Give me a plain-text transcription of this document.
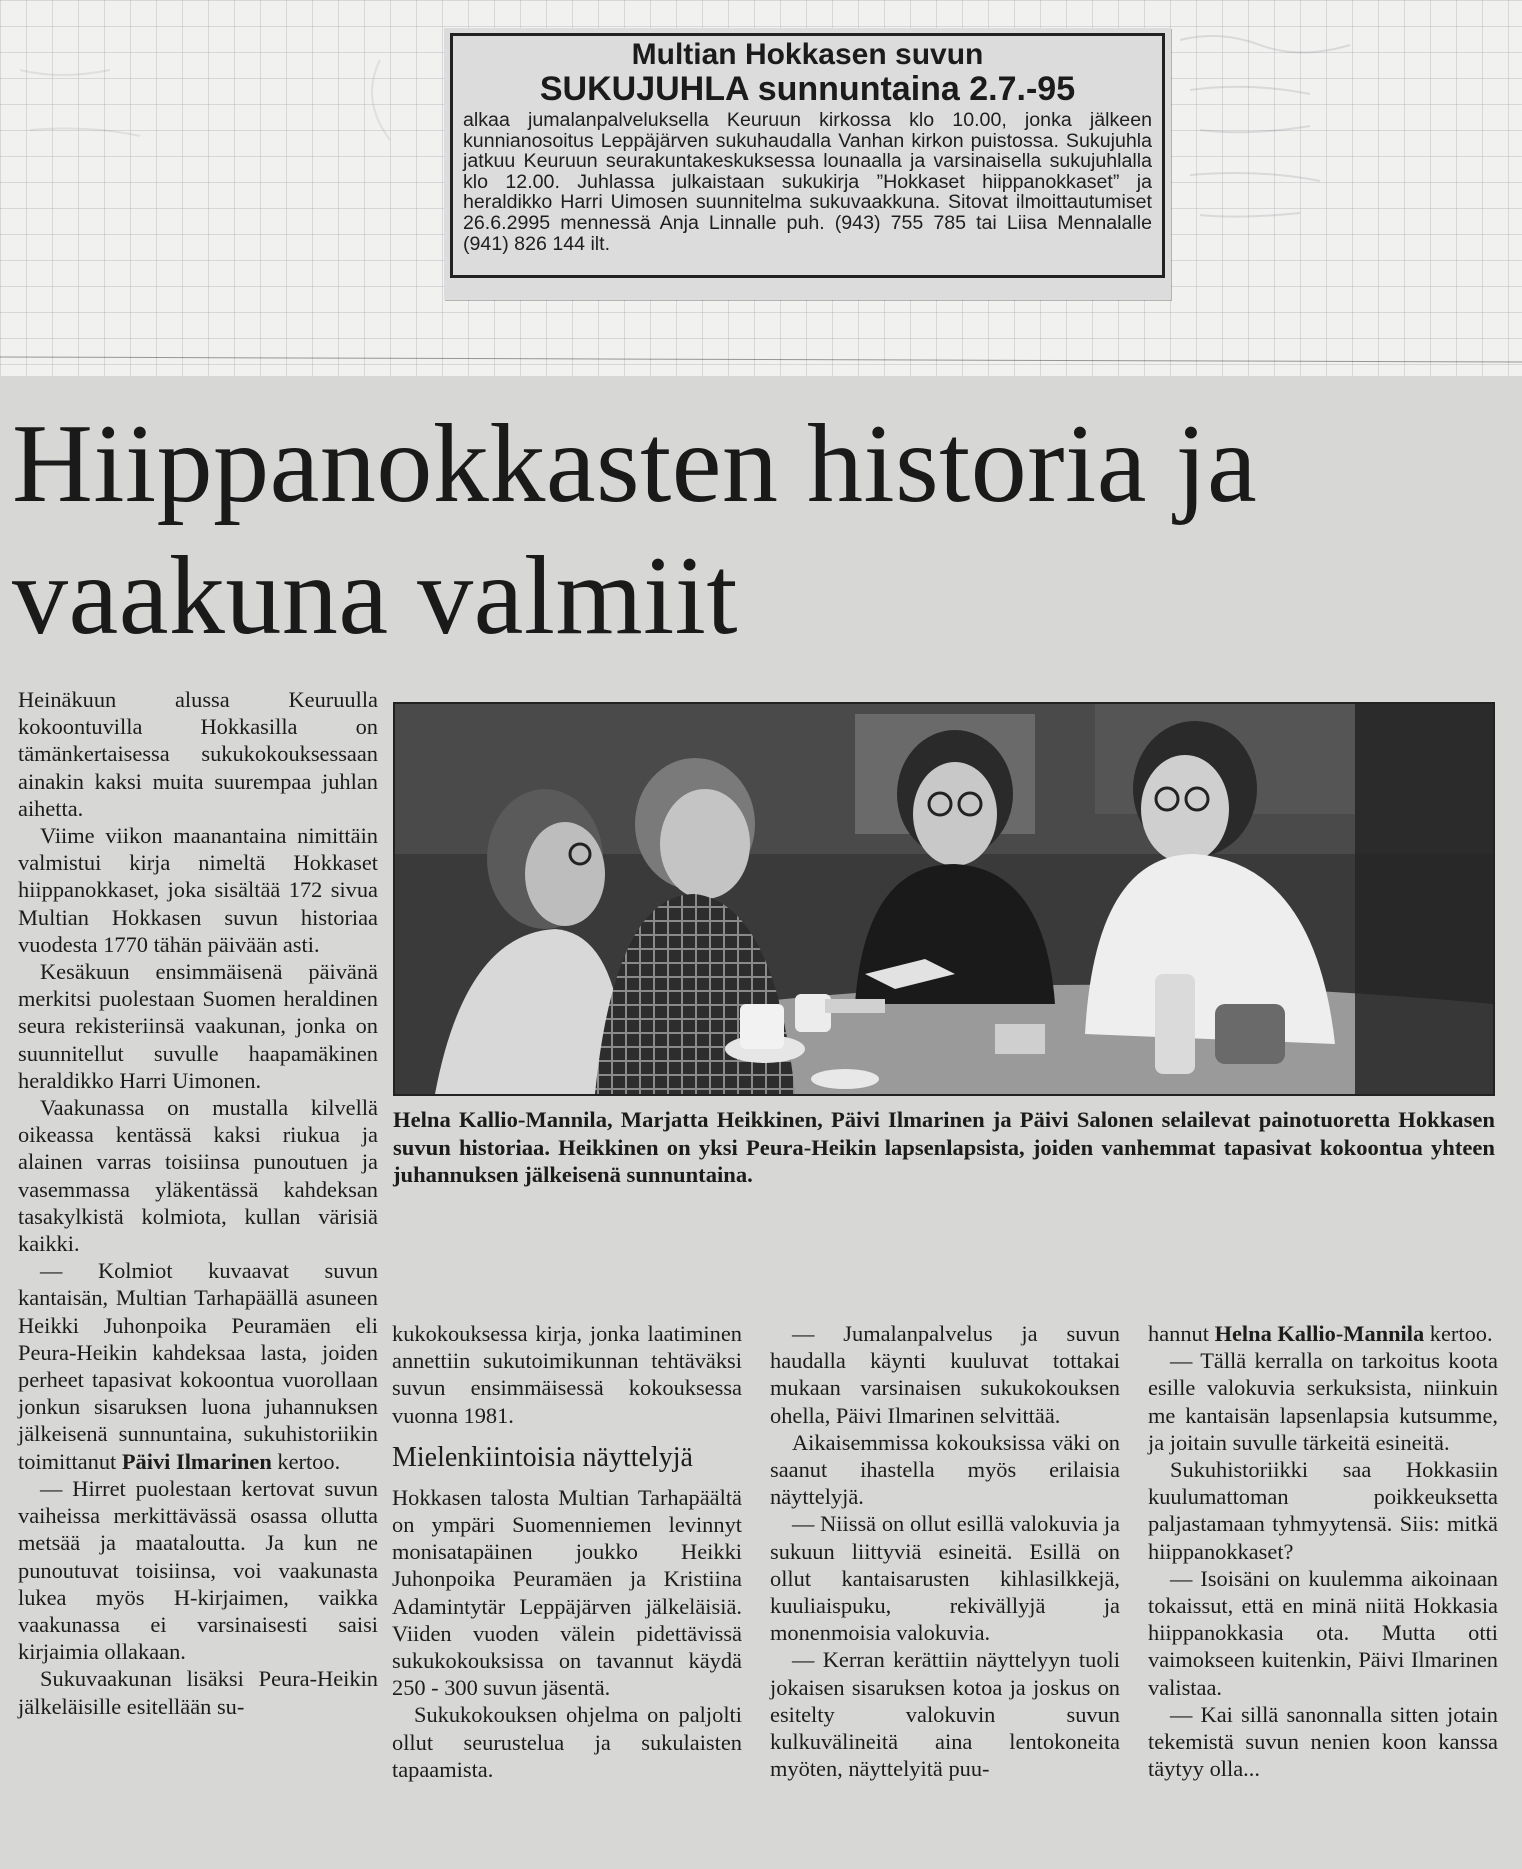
Multian Hokkasen suvun

SUKUJUHLA sunnuntaina 2.7.-95

alkaa jumalanpalveluksella Keuruun kirkossa klo 10.00, jonka jälkeen kunnianosoitus Leppäjärven sukuhaudalla Vanhan kirkon puistossa. Sukujuhla jatkuu Keuruun seurakuntakeskuksessa lounaalla ja varsinaisella sukujuhlalla klo 12.00. Juhlassa julkaistaan sukukirja ”Hokkaset hiippanokkaset” ja heraldikko Harri Uimosen suunnitelma sukuvaakkuna. Sitovat ilmoittautumiset 26.6.2995 mennessä Anja Linnalle puh. (943) 755 785 tai Liisa Mennalalle (941) 826 144 ilt.

Hiippanokkasten historia ja vaakuna valmiit

Heinäkuun alussa Keuruulla kokoontuvilla Hokkasilla on tämänkertaisessa sukukokouksessaan ainakin kaksi muita suurempaa juhlan aihetta.

Viime viikon maanantaina nimittäin valmistui kirja nimeltä Hokkaset hiippanokkaset, joka sisältää 172 sivua Multian Hokkasen suvun historiaa vuodesta 1770 tähän päivään asti.

Kesäkuun ensimmäisenä päivänä merkitsi puolestaan Suomen heraldinen seura rekisteriinsä vaakunan, jonka on suunnitellut suvulle haapamäkinen heraldikko Harri Uimonen.

Vaakunassa on mustalla kilvellä oikeassa kentässä kaksi riukua ja alainen varras toisiinsa punoutuen ja vasemmassa yläkentässä kahdeksan tasakylkistä kolmiota, kullan värisiä kaikki.

— Kolmiot kuvaavat suvun kantaisän, Multian Tarhapäällä asuneen Heikki Juhonpoika Peuramäen eli Peura-Heikin kahdeksaa lasta, joiden perheet tapasivat kokoontua vuorollaan jonkun sisaruksen luona juhannuksen jälkeisenä sunnuntaina, sukuhistoriikin toimittanut Päivi Ilmarinen kertoo.

— Hirret puolestaan kertovat suvun vaiheissa merkittävässä osassa ollutta metsää ja maataloutta. Ja kun ne punoutuvat toisiinsa, voi vaakunasta lukea myös H-kirjaimen, vaikka vaakunassa ei varsinaisesti saisi kirjaimia ollakaan.

Sukuvaakunan lisäksi Peura-Heikin jälkeläisille esitellään su-

Helna Kallio-Mannila, Marjatta Heikkinen, Päivi Ilmarinen ja Päivi Salonen selailevat painotuoretta Hokkasen suvun historiaa. Heikkinen on yksi Peura-Heikin lapsenlapsista, joiden vanhemmat tapasivat kokoontua yhteen juhannuksen jälkeisenä sunnuntaina.

kukokouksessa kirja, jonka laatiminen annettiin sukutoimikunnan tehtäväksi suvun ensimmäisessä kokouksessa vuonna 1981.

Mielenkiintoisia näyttelyjä

Hokkasen talosta Multian Tarhapäältä on ympäri Suomenniemen levinnyt monisatapäinen joukko Heikki Juhonpoika Peuramäen ja Kristiina Adamintytär Leppäjärven jälkeläisiä. Viiden vuoden välein pidettävissä sukukokouksissa on tavannut käydä 250 - 300 suvun jäsentä.

Sukukokouksen ohjelma on paljolti ollut seurustelua ja sukulaisten tapaamista.

— Jumalanpalvelus ja suvun haudalla käynti kuuluvat tottakai mukaan varsinaisen sukukokouksen ohella, Päivi Ilmarinen selvittää.

Aikaisemmissa kokouksissa väki on saanut ihastella myös erilaisia näyttelyjä.

— Niissä on ollut esillä valokuvia ja sukuun liittyviä esineitä. Esillä on ollut kantaisarusten kihlasilkkejä, kuuliaispuku, rekivällyjä ja monenmoisia valokuvia.

— Kerran kerättiin näyttelyyn tuoli jokaisen sisaruksen kotoa ja joskus on esitelty valokuvin suvun kulkuvälineitä aina lentokoneita myöten, näyttelyitä puu-

hannut Helna Kallio-Mannila kertoo.

— Tällä kerralla on tarkoitus koota esille valokuvia serkuksista, niinkuin me kantaisän lapsenlapsia kutsumme, ja joitain suvulle tärkeitä esineitä.

Sukuhistoriikki saa Hokkasiin kuulumattoman poikkeuksetta paljastamaan tyhmyytensä. Siis: mitkä hiippanokkaset?

— Isoisäni on kuulemma aikoinaan tokaissut, että en minä niitä Hokkasia hiippanokkasia ota. Mutta otti vaimokseen kuitenkin, Päivi Ilmarinen valistaa.

— Kai sillä sanonnalla sitten jotain tekemistä suvun nenien koon kanssa täytyy olla...
